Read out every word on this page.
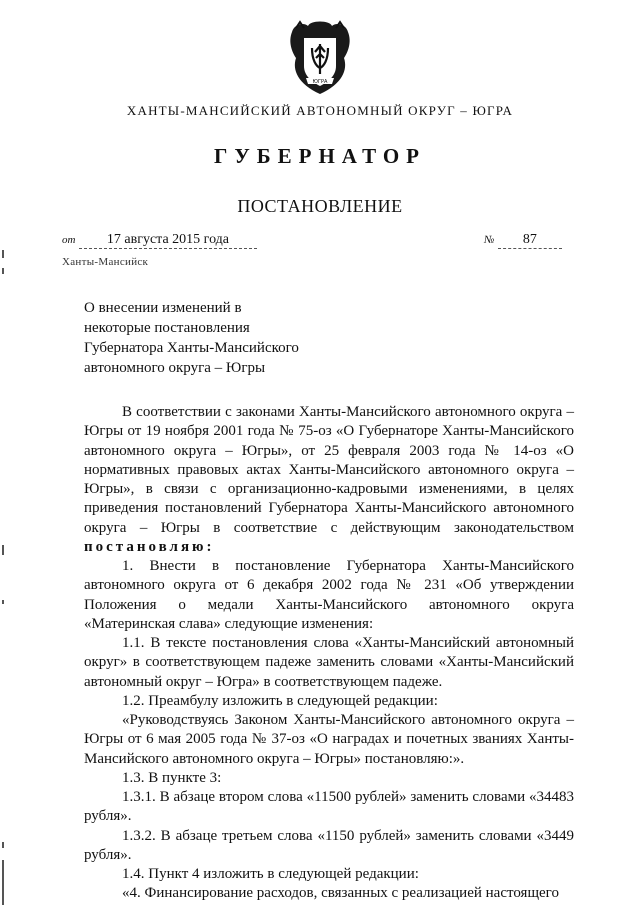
ЮГРА
ХАНТЫ-МАНСИЙСКИЙ АВТОНОМНЫЙ ОКРУГ – ЮГРА
ГУБЕРНАТОР
ПОСТАНОВЛЕНИЕ
от 17 августа 2015 года	№ 87
Ханты-Мансийск
О внесении изменений в
некоторые постановления
Губернатора Ханты-Мансийского
автономного округа – Югры

В соответствии с законами Ханты-Мансийского автономного округа – Югры от 19 ноября 2001 года № 75-оз «О Губернаторе Ханты-Мансийского автономного округа – Югры», от 25 февраля 2003 года № 14-оз «О нормативных правовых актах Ханты-Мансийского автономного округа – Югры», в связи с организационно-кадровыми изменениями, в целях приведения постановлений Губернатора Ханты-Мансийского автономного округа – Югры в соответствие с действующим законодательством постановляю:

1. Внести в постановление Губернатора Ханты-Мансийского автономного округа от 6 декабря 2002 года № 231 «Об утверждении Положения о медали Ханты-Мансийского автономного округа «Материнская слава» следующие изменения:

1.1. В тексте постановления слова «Ханты-Мансийский автономный округ» в соответствующем падеже заменить словами «Ханты-Мансийский автономный округ – Югра» в соответствующем падеже.

1.2. Преамбулу изложить в следующей редакции:

«Руководствуясь Законом Ханты-Мансийского автономного округа – Югры от 6 мая 2005 года № 37-оз «О наградах и почетных званиях Ханты-Мансийского автономного округа – Югры» постановляю:».

1.3. В пункте 3:

1.3.1. В абзаце втором слова «11500 рублей» заменить словами «34483 рубля».

1.3.2. В абзаце третьем слова «1150 рублей» заменить словами «3449 рубля».

1.4. Пункт 4 изложить в следующей редакции:

«4. Финансирование расходов, связанных с реализацией настоящего
